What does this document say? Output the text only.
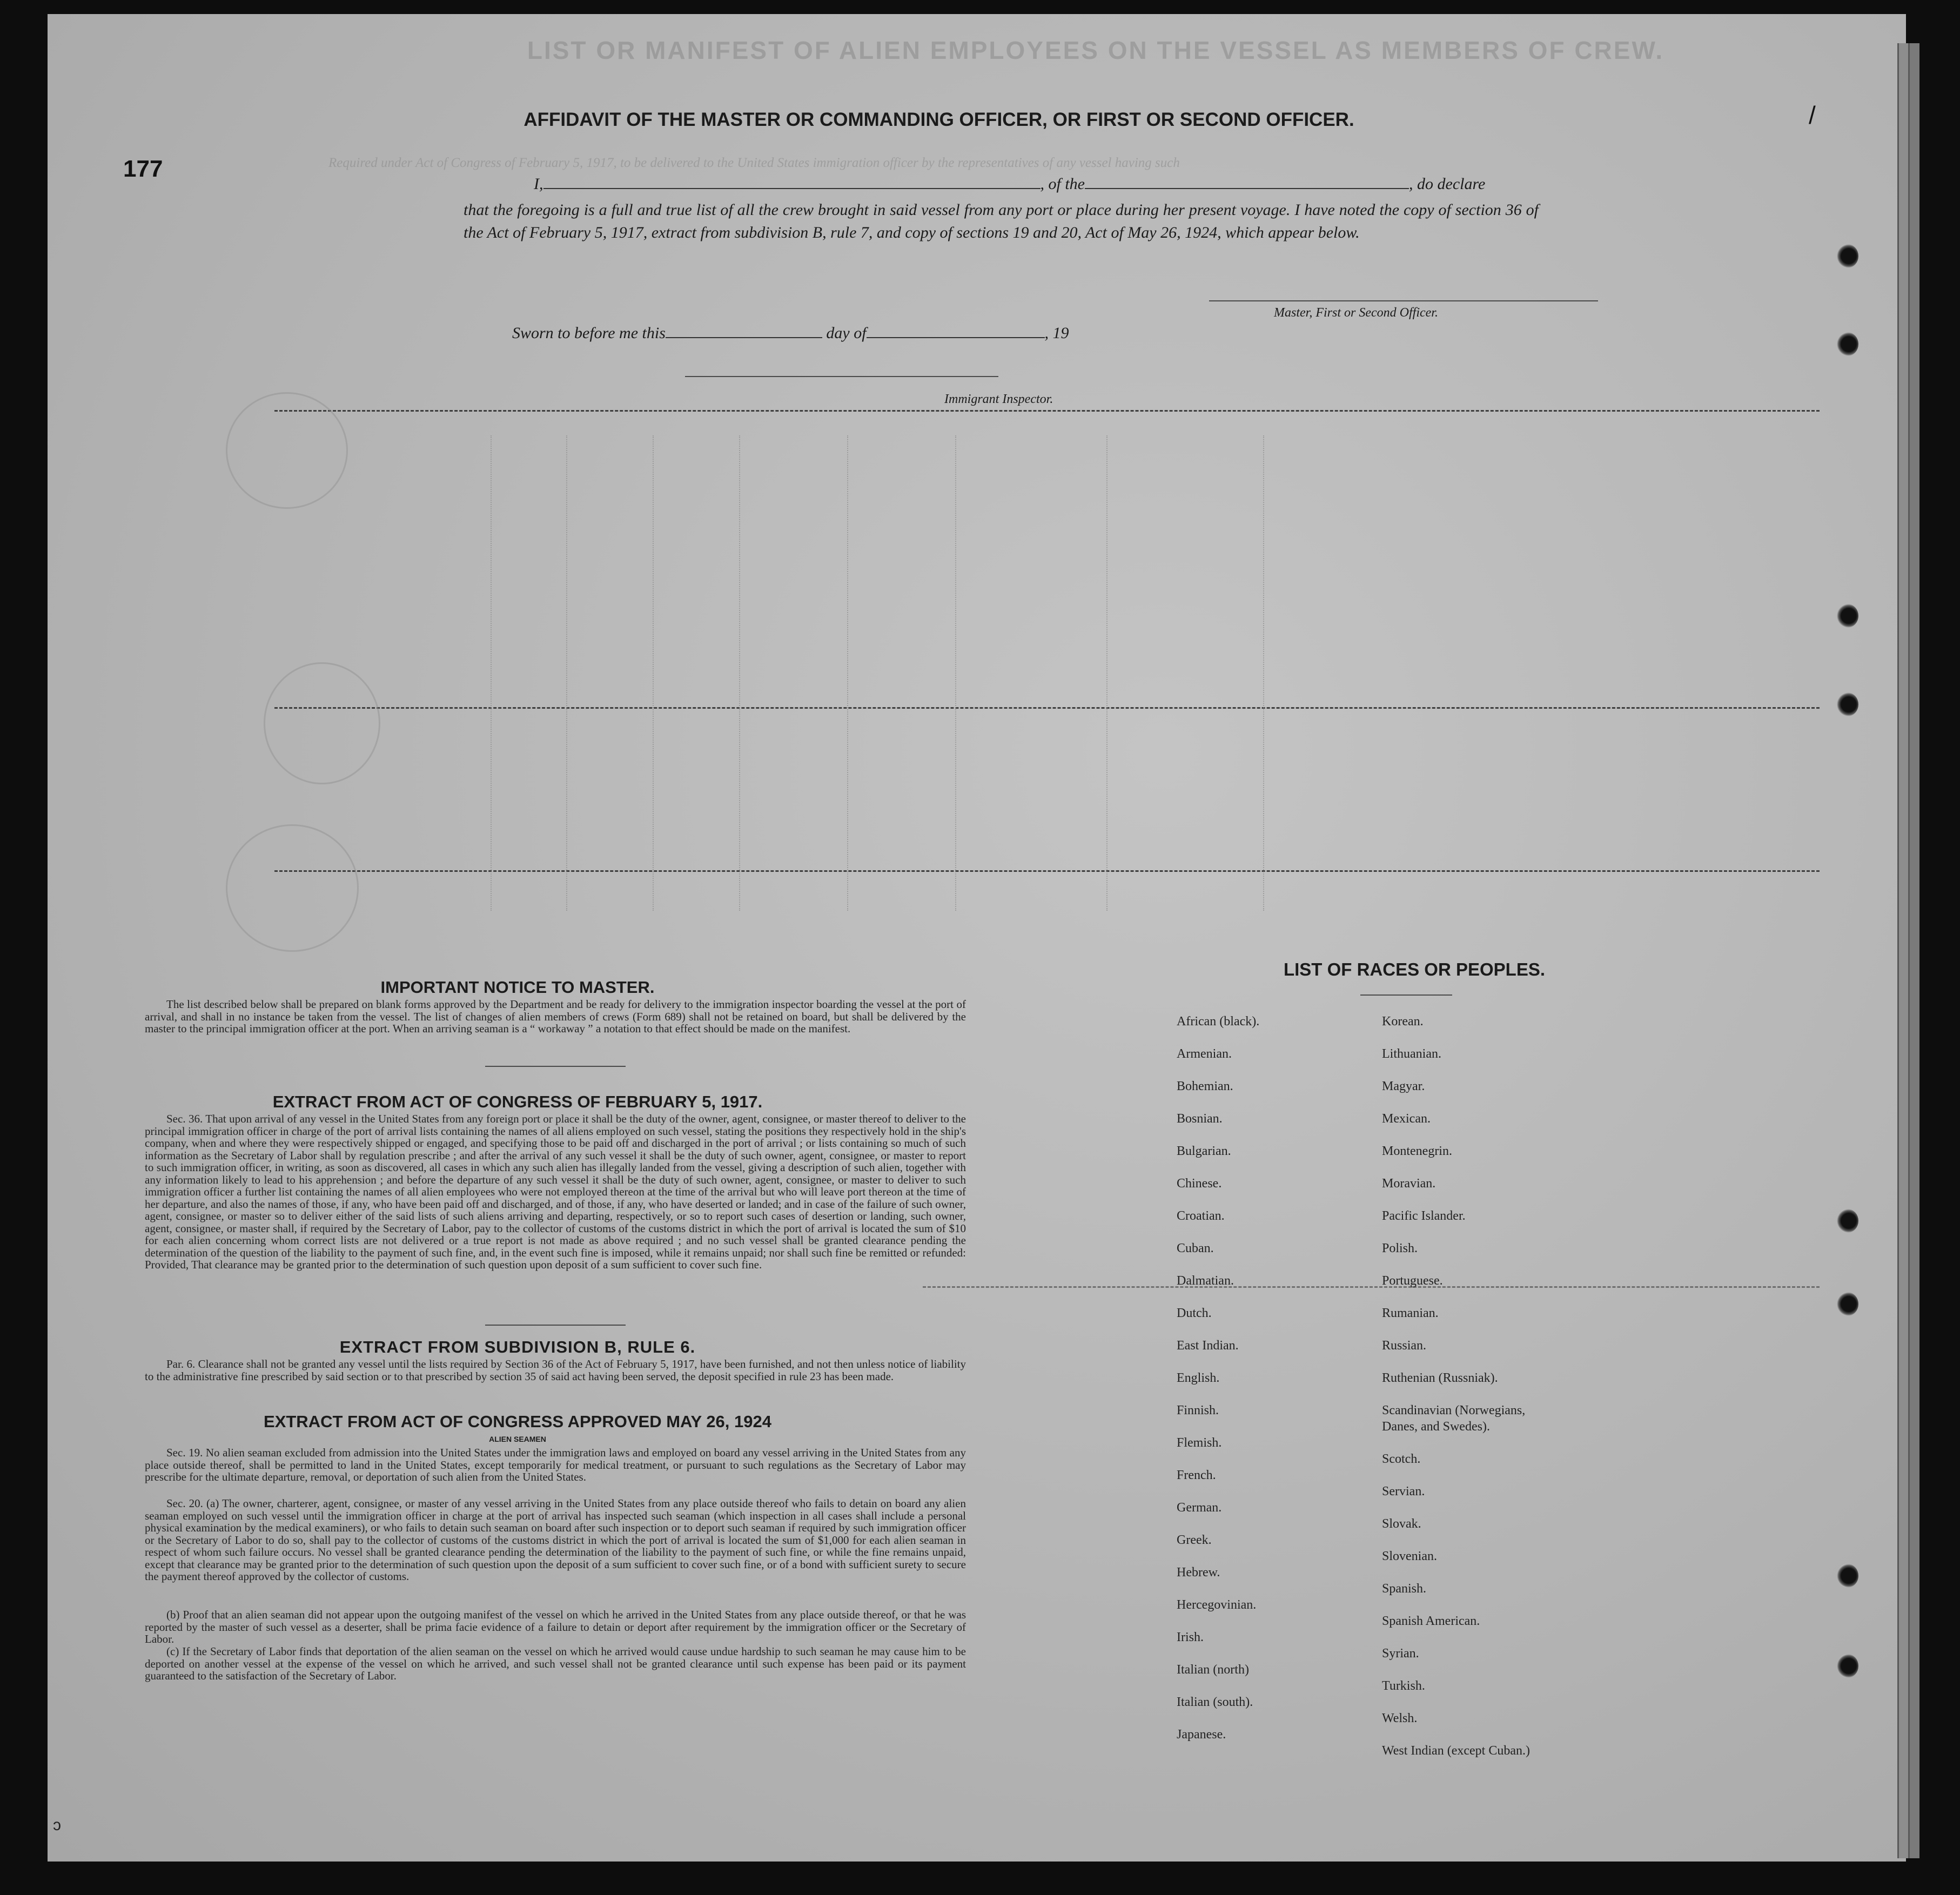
LIST OR MANIFEST OF ALIEN EMPLOYEES ON THE VESSEL AS MEMBERS OF CREW.
Required under Act of Congress of February 5, 1917, to be delivered to the United States immigration officer by the representatives of any vessel having such
177
/
AFFIDAVIT OF THE MASTER OR COMMANDING OFFICER, OR FIRST OR SECOND OFFICER.
I,	, of the	, do declare
that the foregoing is a full and true list of all the crew brought in said vessel from any port or place during her present voyage. I have noted the copy of section 36 of the Act of February 5, 1917, extract from subdivision B, rule 7, and copy of sections 19 and 20, Act of May 26, 1924, which appear below.
Master, First or Second Officer.
Sworn to before me this	day of	, 19
Immigrant Inspector.
IMPORTANT NOTICE TO MASTER.
The list described below shall be prepared on blank forms approved by the Department and be ready for delivery to the immigration inspector boarding the vessel at the port of arrival, and shall in no instance be taken from the vessel. The list of changes of alien members of crews (Form 689) shall not be retained on board, but shall be delivered by the master to the principal immigration officer at the port. When an arriving seaman is a “ workaway ” a notation to that effect should be made on the manifest.
EXTRACT FROM ACT OF CONGRESS OF FEBRUARY 5, 1917.
Sec. 36. That upon arrival of any vessel in the United States from any foreign port or place it shall be the duty of the owner, agent, consignee, or master thereof to deliver to the principal immigration officer in charge of the port of arrival lists containing the names of all aliens employed on such vessel, stating the positions they respectively hold in the ship's company, when and where they were respectively shipped or engaged, and specifying those to be paid off and discharged in the port of arrival ; or lists containing so much of such information as the Secretary of Labor shall by regulation prescribe ; and after the arrival of any such vessel it shall be the duty of such owner, agent, consignee, or master to report to such immigration officer, in writing, as soon as discovered, all cases in which any such alien has illegally landed from the vessel, giving a description of such alien, together with any information likely to lead to his apprehension ; and before the departure of any such vessel it shall be the duty of such owner, agent, consignee, or master to deliver to such immigration officer a further list containing the names of all alien employees who were not employed thereon at the time of the arrival but who will leave port thereon at the time of her departure, and also the names of those, if any, who have been paid off and discharged, and of those, if any, who have deserted or landed; and in case of the failure of such owner, agent, consignee, or master so to deliver either of the said lists of such aliens arriving and departing, respectively, or so to report such cases of desertion or landing, such owner, agent, consignee, or master shall, if required by the Secretary of Labor, pay to the collector of customs of the customs district in which the port of arrival is located the sum of $10 for each alien concerning whom correct lists are not delivered or a true report is not made as above required ; and no such vessel shall be granted clearance pending the determination of the question of the liability to the payment of such fine, and, in the event such fine is imposed, while it remains unpaid; nor shall such fine be remitted or refunded: Provided, That clearance may be granted prior to the determination of such question upon deposit of a sum sufficient to cover such fine.
EXTRACT FROM SUBDIVISION B, RULE 6.
Par. 6. Clearance shall not be granted any vessel until the lists required by Section 36 of the Act of February 5, 1917, have been furnished, and not then unless notice of liability to the administrative fine prescribed by said section or to that prescribed by section 35 of said act having been served, the deposit specified in rule 23 has been made.
EXTRACT FROM ACT OF CONGRESS APPROVED MAY 26, 1924
ALIEN SEAMEN
Sec. 19. No alien seaman excluded from admission into the United States under the immigration laws and employed on board any vessel arriving in the United States from any place outside thereof, shall be permitted to land in the United States, except temporarily for medical treatment, or pursuant to such regulations as the Secretary of Labor may prescribe for the ultimate departure, removal, or deportation of such alien from the United States.
Sec. 20. (a) The owner, charterer, agent, consignee, or master of any vessel arriving in the United States from any place outside thereof who fails to detain on board any alien seaman employed on such vessel until the immigration officer in charge at the port of arrival has inspected such seaman (which inspection in all cases shall include a personal physical examination by the medical examiners), or who fails to detain such seaman on board after such inspection or to deport such seaman if required by such immigration officer or the Secretary of Labor to do so, shall pay to the collector of customs of the customs district in which the port of arrival is located the sum of $1,000 for each alien seaman in respect of whom such failure occurs. No vessel shall be granted clearance pending the determination of the liability to the payment of such fine, or while the fine remains unpaid, except that clearance may be granted prior to the determination of such question upon the deposit of a sum sufficient to cover such fine, or of a bond with sufficient surety to secure the payment thereof approved by the collector of customs.
(b) Proof that an alien seaman did not appear upon the outgoing manifest of the vessel on which he arrived in the United States from any place outside thereof, or that he was reported by the master of such vessel as a deserter, shall be prima facie evidence of a failure to detain or deport after requirement by the immigration officer or the Secretary of Labor.
(c) If the Secretary of Labor finds that deportation of the alien seaman on the vessel on which he arrived would cause undue hardship to such seaman he may cause him to be deported on another vessel at the expense of the vessel on which he arrived, and such vessel shall not be granted clearance until such expense has been paid or its payment guaranteed to the satisfaction of the Secretary of Labor.
LIST OF RACES OR PEOPLES.
African (black).
Armenian.
Bohemian.
Bosnian.
Bulgarian.
Chinese.
Croatian.
Cuban.
Dalmatian.
Dutch.
East Indian.
English.
Finnish.
Flemish.
French.
German.
Greek.
Hebrew.
Hercegovinian.
Irish.
Italian (north)
Italian (south).
Japanese.
Korean.
Lithuanian.
Magyar.
Mexican.
Montenegrin.
Moravian.
Pacific Islander.
Polish.
Portuguese.
Rumanian.
Russian.
Ruthenian (Russniak).
Scandinavian (Norwegians,
Danes, and Swedes).
Scotch.
Servian.
Slovak.
Slovenian.
Spanish.
Spanish American.
Syrian.
Turkish.
Welsh.
West Indian (except Cuban.)
ɔ
